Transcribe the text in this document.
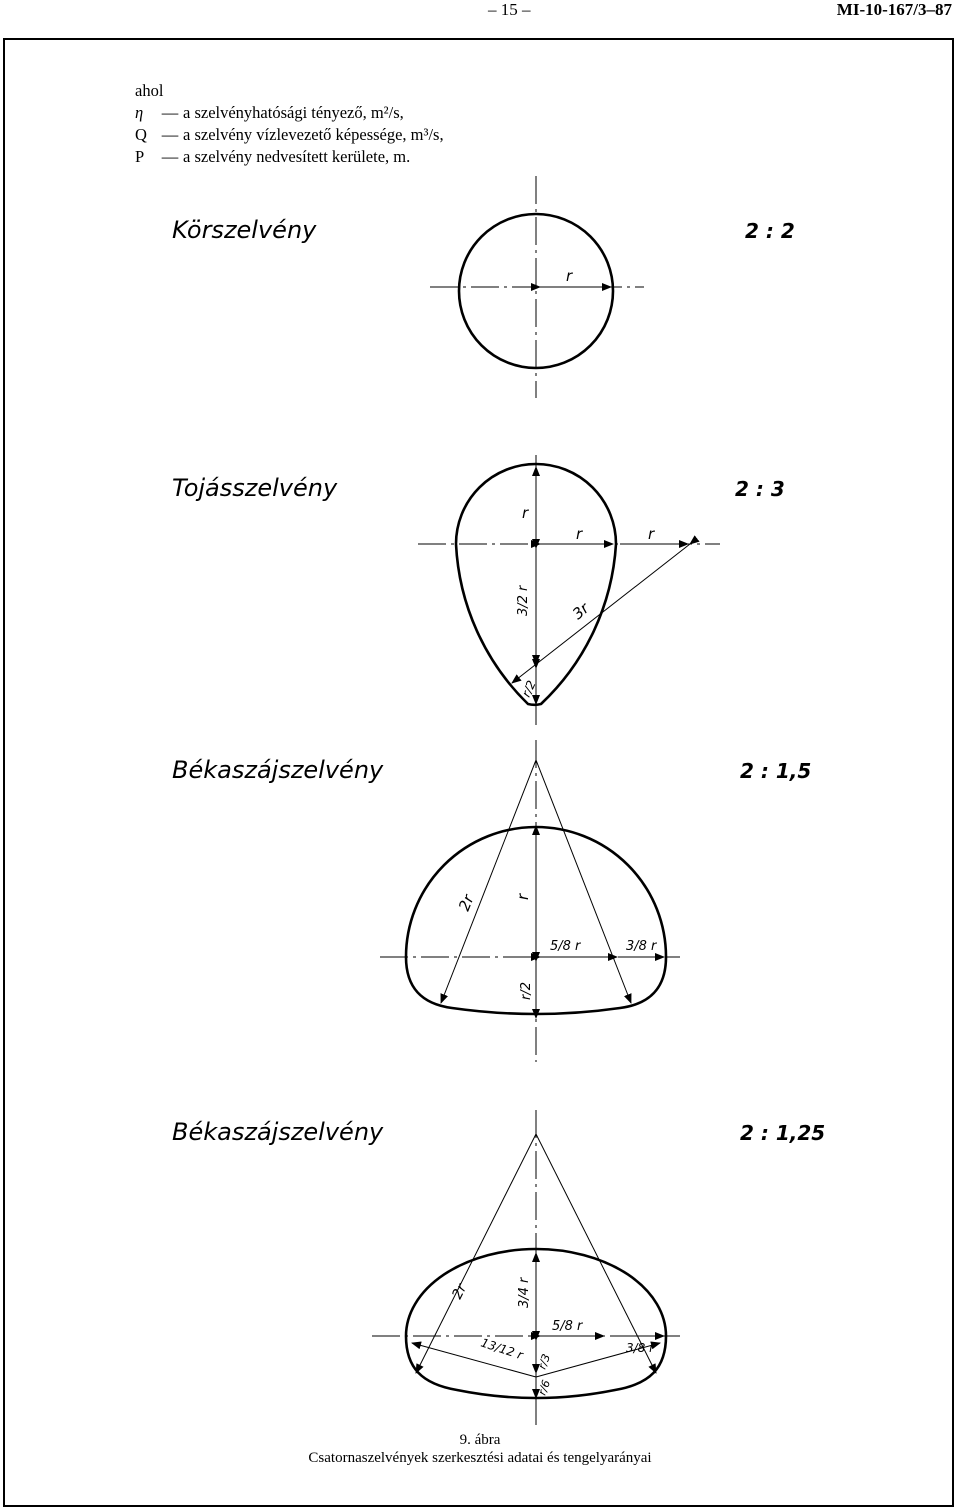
– 15 –	MI-10-167/3–87
ahol
η — a szelvényhatósági tényező, m²/s,
Q — a szelvény vízlevezető képessége, m³/s,
P — a szelvény nedvesített kerülete, m.
Körszelvény	2 : 2
r
Tojásszelvény	2 : 3
r
r	r
3/2 r	3r
r/2
Békaszájszelvény	2 : 1,5
2r r
5/8 r	3/8 r
r/2
Békaszájszelvény	2 : 1,25
2r	3/4 r
5/8 r
13/12 r	3/8 r
r/3
r/6
9. ábra
Csatornaszelvények szerkesztési adatai és tengelyarányai
